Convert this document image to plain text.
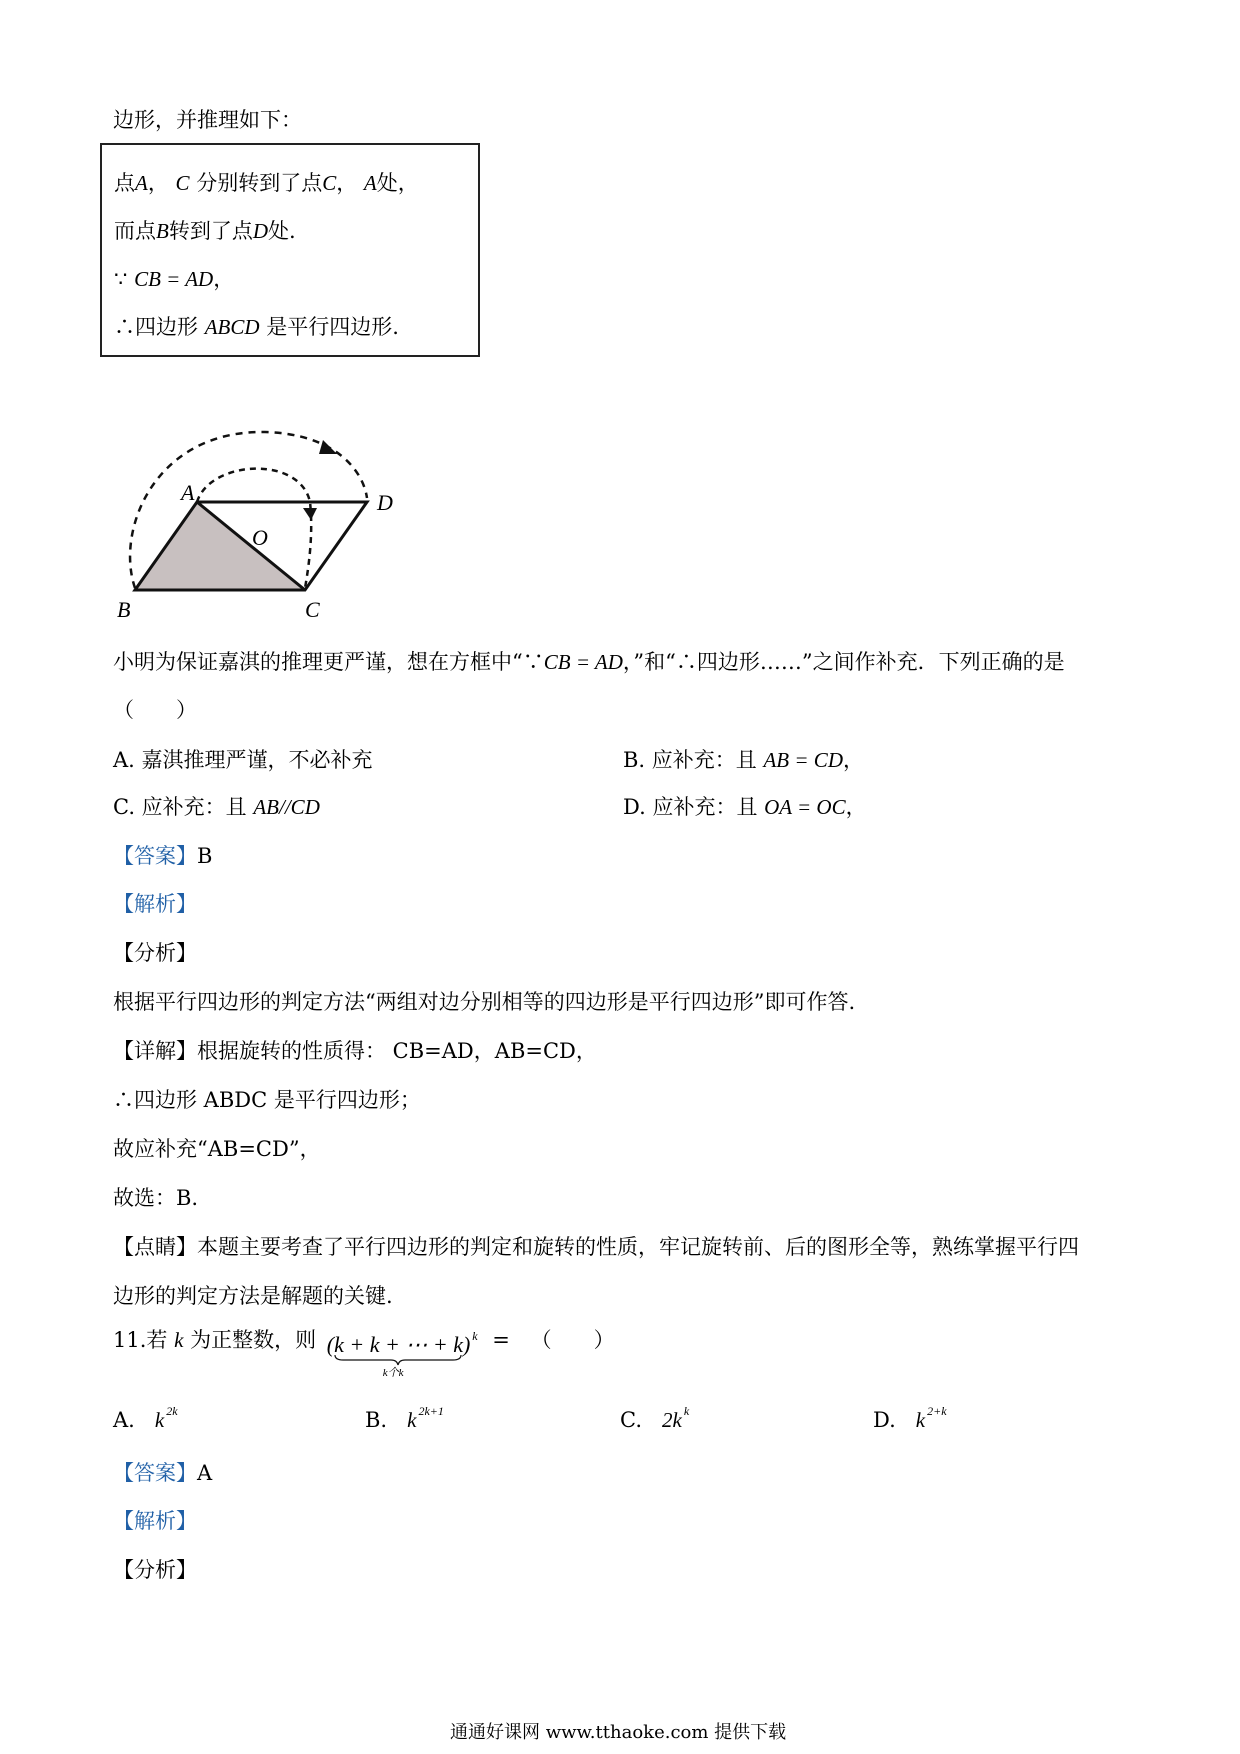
边形，并推理如下：
点A， C 分别转到了点C， A处，
而点B转到了点D处.
∵ CB = AD，
∴四边形 ABCD 是平行四边形.
A	D
O
B	C
小明为保证嘉淇的推理更严谨，想在方框中“∵CB = AD，”和“∴四边形……”之间作补充．下列正确的是
（　　）
A. 嘉淇推理严谨，不必补充	B. 应补充：且 AB = CD，
C. 应补充：且 AB//CD	D. 应补充：且 OA = OC，
【答案】B
【解析】
【分析】
根据平行四边形的判定方法“两组对边分别相等的四边形是平行四边形”即可作答.
【详解】根据旋转的性质得： CB=AD，AB=CD，
∴四边形 ABDC 是平行四边形；
故应补充“AB=CD”，
故选：B.
【点睛】本题主要考查了平行四边形的判定和旋转的性质，牢记旋转前、后的图形全等，熟练掌握平行四
边形的判定方法是解题的关键.
11.若 k 为正整数，则 (k + k + ⋯ + k) $^k$
k个k
= （　　）
A. k $^{2k}$	B. k $^{2k+1}$	C. 2k $^k$	D. k $^{2+k}$
【答案】A
【解析】
【分析】
通通好课网 www.tthaoke.com 提供下载
